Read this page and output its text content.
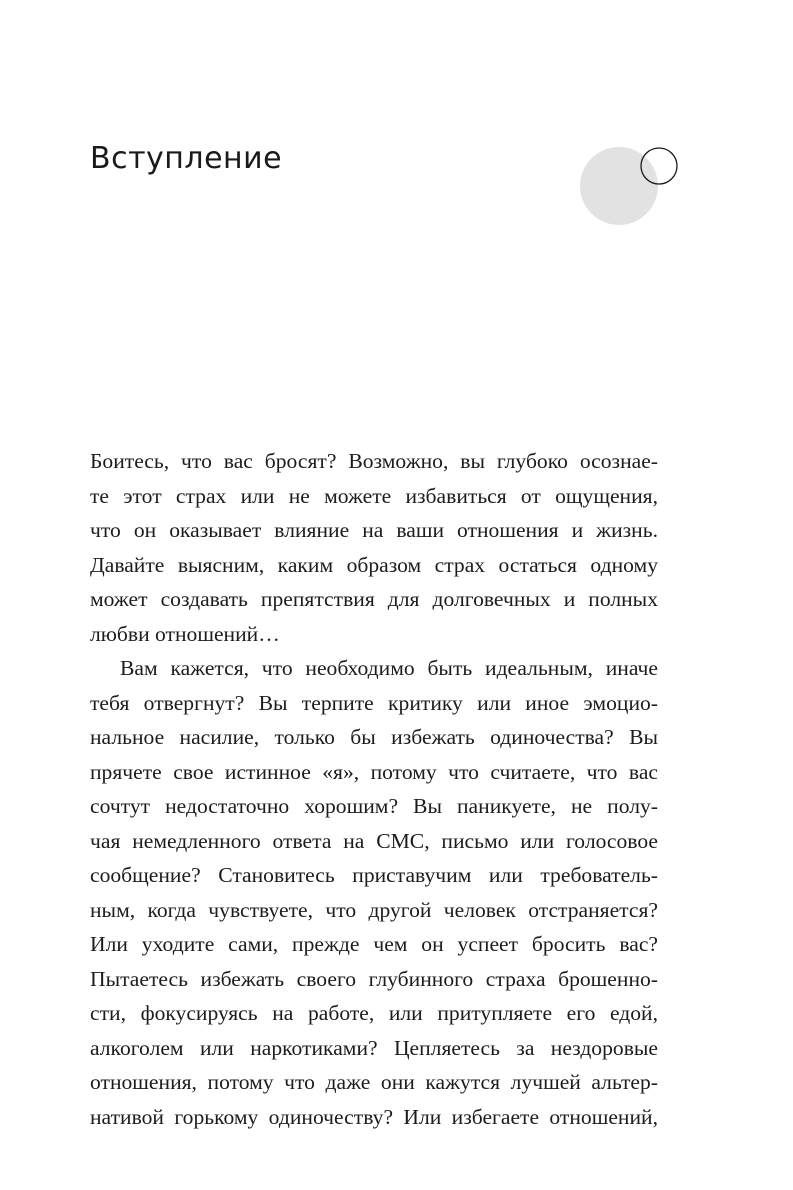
Вступление
Боитесь, что вас бросят? Возможно, вы глубоко осознае-
те этот страх или не можете избавиться от ощущения,
что он оказывает влияние на ваши отношения и жизнь.
Давайте выясним, каким образом страх остаться одному
может создавать препятствия для долговечных и полных
любви отношений…
Вам кажется, что необходимо быть идеальным, иначе
тебя отвергнут? Вы терпите критику или иное эмоцио-
нальное насилие, только бы избежать одиночества? Вы
прячете свое истинное «я», потому что считаете, что вас
сочтут недостаточно хорошим? Вы паникуете, не полу-
чая немедленного ответа на СМС, письмо или голосовое
сообщение? Становитесь приставучим или требователь-
ным, когда чувствуете, что другой человек отстраняется?
Или уходите сами, прежде чем он успеет бросить вас?
Пытаетесь избежать своего глубинного страха брошенно-
сти, фокусируясь на работе, или притупляете его едой,
алкоголем или наркотиками? Цепляетесь за нездоровые
отношения, потому что даже они кажутся лучшей альтер-
нативой горькому одиночеству? Или избегаете отношений,
